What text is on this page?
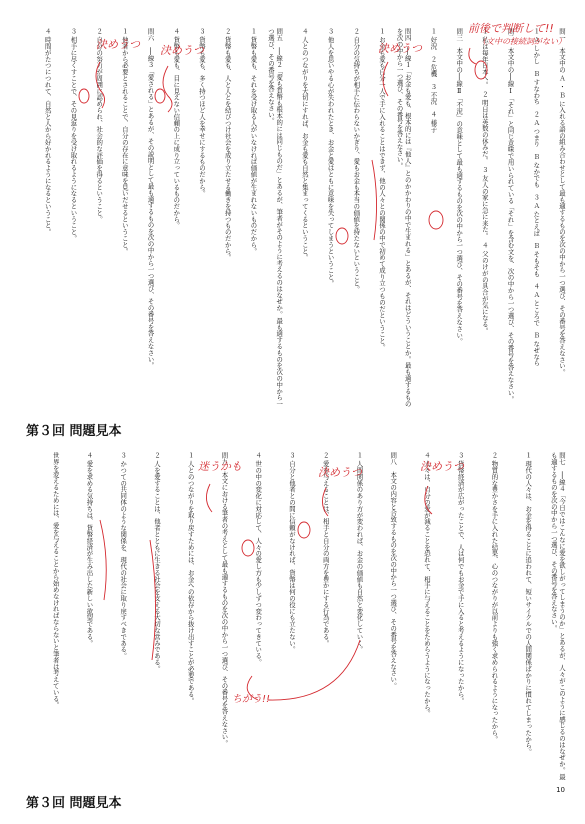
問一　本文中の Ａ ・ Ｂ に入れる語の組み合わせとして最も適するものを次の中から一つ選び、その番号を答えなさい。
１ Ａ しかし　Ｂ すなわち　２ Ａ つまり　Ｂ なかでも　３ Ａ たとえば　Ｂ そもそも　４ Ａ ところで　Ｂ なぜなら
問二　本文中の──線Ⅰ「それ」と同じ意味で用いられている「それ」を含む文を、次の中から一つ選び、その番号を答えなさい。
１ 私は毎年日本へ。　２ 明日は英数の休みだ。　３ 友人の家に急に来た。　４ 父のけがの具合が気になる。
問三　本文中の──線Ⅱ「不況」の意味として最も適するものを次の中から一つ選び、その番号を答えなさい。
１ 好況　２ 危機　３ 不況　４ 様子
問四　──線１「お金も愛も、根本的には『他人』とのかかわりの中で生まれる」とあるが、それはどういうことか。最も適するものを次の中から一つ選び、その番号を答えなさい。
１ お金も愛も自分一人で手に入れることはできず、他の人々との関係の中で初めて成り立つものだということ。
２ 自分の気持ちが相手に伝わらないかぎり、愛もお金も本当の価値を持たないということ。
３ 他人を思いやる心が失われたとき、お金と愛はともに意味を失ってしまうということ。
４ 人とのつながりを大切にすれば、お金も愛も自然と集まってくるということ。
問五　──線２「愛も貨幣も根本的には同じものだ」とあるが、筆者がそのように考えるのはなぜか。最も適するものを次の中から一つ選び、その番号を答えなさい。
１ 貨幣も愛も、それを受け取る人がいなければ価値が生まれないものだから。
２ 貨幣も愛も、人と人とを結びつけ社会を成り立たせる働きを持つものだから。
３ 貨幣も愛も、多く持つほど人を幸せにするものだから。
４ 貨幣も愛も、目に見えない信頼の上に成り立っているものだから。
問六　──線３「愛される」とあるが、その説明として最も適するものを次の中から一つ選び、その番号を答えなさい。
１ 他者から必要とされることで、自分の存在に意味を見いだせるということ。
２ 自分の努力が周囲に認められ、社会的な評価を得るということ。
３ 相手に尽くすことで、その見返りを受け取れるようになるということ。
４ 時間がたつにつれて、自然と人から好かれるようになるということ。
第３回 問題見本
問七　──線４「今日ではこんなに愛を欲しがってしまうのか」とあるが、人々がこのように感じるのはなぜか。最も適するものを次の中から一つ選び、その番号を答えなさい。
１ 現代の人々は、お金を得ることに追われて、短いサイクルでの人間関係ばかりに慣れてしまったから。
２ 物質的な豊かさを手に入れた結果、心のつながりが以前よりも強く求められるようになったから。
３ 貨幣経済が広がったことで、人は何でもお金で手に入ると考えるようになったから。
４ 人々は、自分の愛が減ることを恐れて、相手に与えることをためらうようになったから。
問八　本文の内容と合致するものを次の中から一つ選び、その番号を答えなさい。
１ 人間関係のあり方が変われば、お金の価値も自然と変化していく。
２ 愛を与えることは、相手と自分の両方を豊かにする行為である。
３ 自分と他者との間に信頼がなければ、貨幣は何の役にも立たない。
４ 世の中の変化に対応して、人々の愛し方も少しずつ変わってきている。
問九　本文における筆者の考えとして最も適するものを次の中から一つ選び、その番号を答えなさい。
１ 人とのつながりを取り戻すためには、お金への依存から抜け出すことが必要である。
２ 人を愛することは、他者とともに生きる社会を支える大切な営みである。
３ かつての共同体のような関係を、現代の社会に取り戻すべきである。
４ 愛を求める気持ちは、貨幣経済が生み出した新しい欲望である。
世界を変えるためには、愛を与えることから始めなければならないと筆者は考えている。
第３回 問題見本
10
決めうつ 決めうつ	決めうつ
前後で判断して!!
（文中の接続詞がない）
迷うかも	決めうつ	決めうつ
ちがう!!
